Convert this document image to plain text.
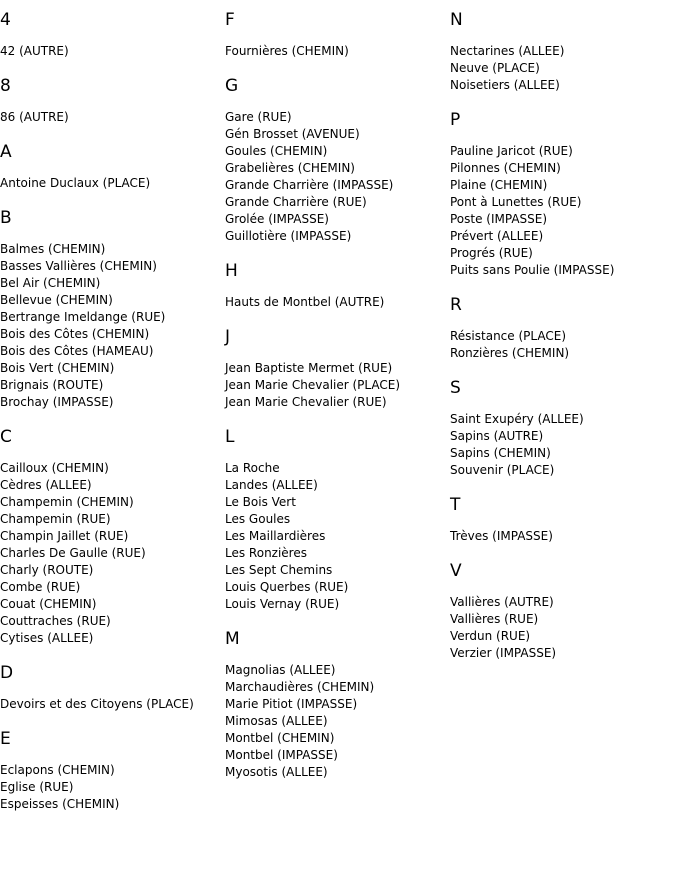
4
42 (AUTRE)
8
86 (AUTRE)
A
Antoine Duclaux (PLACE)
B
Balmes (CHEMIN)
Basses Vallières (CHEMIN)
Bel Air (CHEMIN)
Bellevue (CHEMIN)
Bertrange Imeldange (RUE)
Bois des Côtes (CHEMIN)
Bois des Côtes (HAMEAU)
Bois Vert (CHEMIN)
Brignais (ROUTE)
Brochay (IMPASSE)
C
Cailloux (CHEMIN)
Cèdres (ALLEE)
Champemin (CHEMIN)
Champemin (RUE)
Champin Jaillet (RUE)
Charles De Gaulle (RUE)
Charly (ROUTE)
Combe (RUE)
Couat (CHEMIN)
Couttraches (RUE)
Cytises (ALLEE)
D
Devoirs et des Citoyens (PLACE)
E
Eclapons (CHEMIN)
Eglise (RUE)
Espeisses (CHEMIN)
F
Fournières (CHEMIN)
G
Gare (RUE)
Gén Brosset (AVENUE)
Goules (CHEMIN)
Grabelières (CHEMIN)
Grande Charrière (IMPASSE)
Grande Charrière (RUE)
Grolée (IMPASSE)
Guillotière (IMPASSE)
H
Hauts de Montbel (AUTRE)
J
Jean Baptiste Mermet (RUE)
Jean Marie Chevalier (PLACE)
Jean Marie Chevalier (RUE)
L
La Roche
Landes (ALLEE)
Le Bois Vert
Les Goules
Les Maillardières
Les Ronzières
Les Sept Chemins
Louis Querbes (RUE)
Louis Vernay (RUE)
M
Magnolias (ALLEE)
Marchaudières (CHEMIN)
Marie Pitiot (IMPASSE)
Mimosas (ALLEE)
Montbel (CHEMIN)
Montbel (IMPASSE)
Myosotis (ALLEE)
N
Nectarines (ALLEE)
Neuve (PLACE)
Noisetiers (ALLEE)
P
Pauline Jaricot (RUE)
Pilonnes (CHEMIN)
Plaine (CHEMIN)
Pont à Lunettes (RUE)
Poste (IMPASSE)
Prévert (ALLEE)
Progrés (RUE)
Puits sans Poulie (IMPASSE)
R
Résistance (PLACE)
Ronzières (CHEMIN)
S
Saint Exupéry (ALLEE)
Sapins (AUTRE)
Sapins (CHEMIN)
Souvenir (PLACE)
T
Trèves (IMPASSE)
V
Vallières (AUTRE)
Vallières (RUE)
Verdun (RUE)
Verzier (IMPASSE)
